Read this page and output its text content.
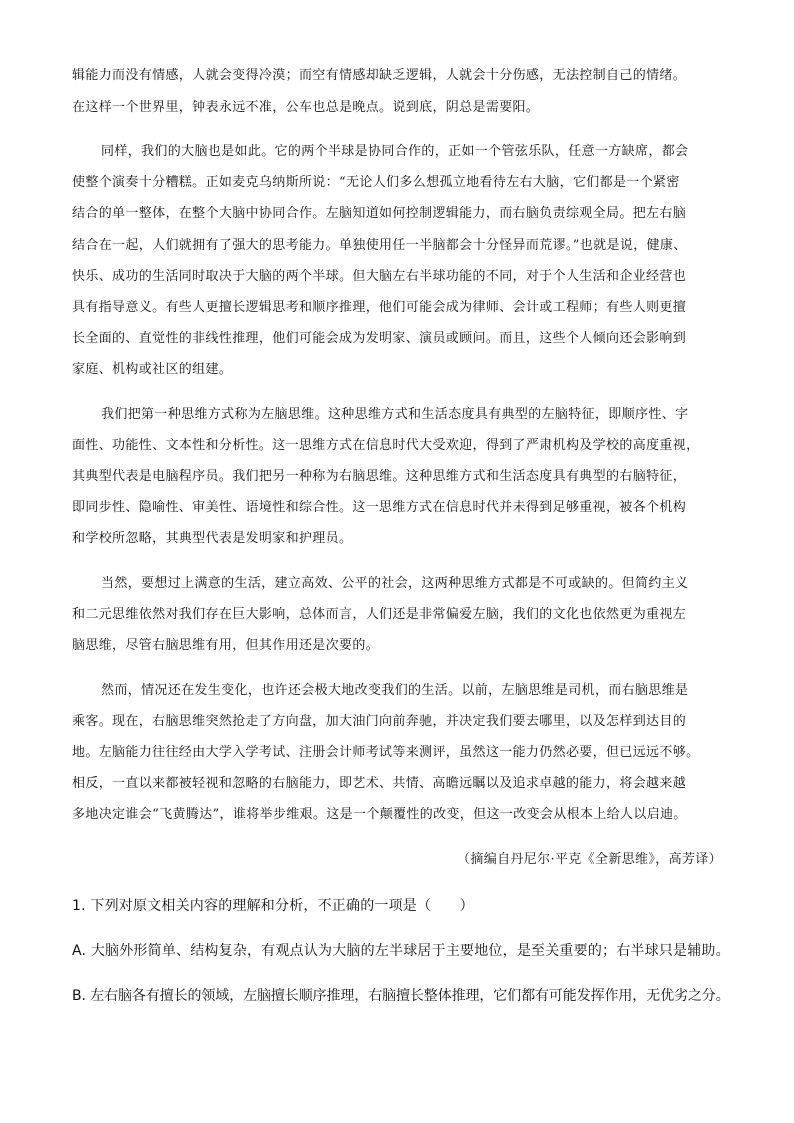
辑能力而没有情感，人就会变得冷漠；而空有情感却缺乏逻辑，人就会十分伤感，无法控制自己的情绪。
在这样一个世界里，钟表永远不准，公车也总是晚点。说到底，阴总是需要阳。
同样，我们的大脑也是如此。它的两个半球是协同合作的，正如一个管弦乐队，任意一方缺席，都会
使整个演奏十分糟糕。正如麦克乌纳斯所说：“无论人们多么想孤立地看待左右大脑，它们都是一个紧密
结合的单一整体，在整个大脑中协同合作。左脑知道如何控制逻辑能力，而右脑负责综观全局。把左右脑
结合在一起，人们就拥有了强大的思考能力。单独使用任一半脑都会十分怪异而荒谬。”也就是说，健康、
快乐、成功的生活同时取决于大脑的两个半球。但大脑左右半球功能的不同，对于个人生活和企业经营也
具有指导意义。有些人更擅长逻辑思考和顺序推理，他们可能会成为律师、会计或工程师；有些人则更擅
长全面的、直觉性的非线性推理，他们可能会成为发明家、演员或顾问。而且，这些个人倾向还会影响到
家庭、机构或社区的组建。
我们把第一种思维方式称为左脑思维。这种思维方式和生活态度具有典型的左脑特征，即顺序性、字
面性、功能性、文本性和分析性。这一思维方式在信息时代大受欢迎，得到了严肃机构及学校的高度重视，
其典型代表是电脑程序员。我们把另一种称为右脑思维。这种思维方式和生活态度具有典型的右脑特征，
即同步性、隐喻性、审美性、语境性和综合性。这一思维方式在信息时代并未得到足够重视，被各个机构
和学校所忽略，其典型代表是发明家和护理员。
当然，要想过上满意的生活，建立高效、公平的社会，这两种思维方式都是不可或缺的。但简约主义
和二元思维依然对我们存在巨大影响，总体而言，人们还是非常偏爱左脑，我们的文化也依然更为重视左
脑思维，尽管右脑思维有用，但其作用还是次要的。
然而，情况还在发生变化，也许还会极大地改变我们的生活。以前，左脑思维是司机，而右脑思维是
乘客。现在，右脑思维突然抢走了方向盘，加大油门向前奔驰，并决定我们要去哪里，以及怎样到达目的
地。左脑能力往往经由大学入学考试、注册会计师考试等来测评，虽然这一能力仍然必要，但已远远不够。
相反，一直以来都被轻视和忽略的右脑能力，即艺术、共情、高瞻远瞩以及追求卓越的能力，将会越来越
多地决定谁会“飞黄腾达”，谁将举步维艰。这是一个颠覆性的改变，但这一改变会从根本上给人以启迪。
（摘编自丹尼尔·平克《全新思维》，高芳译）
1. 下列对原文相关内容的理解和分析，不正确的一项是（　　）
A. 大脑外形简单、结构复杂，有观点认为大脑的左半球居于主要地位，是至关重要的；右半球只是辅助。
B. 左右脑各有擅长的领域，左脑擅长顺序推理，右脑擅长整体推理，它们都有可能发挥作用，无优劣之分。
